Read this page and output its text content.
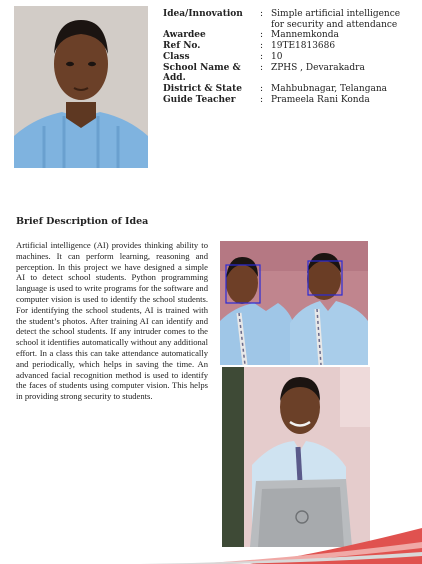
Idea/Innovation	: Simple artificial intelligence for security and attendance
Awardee	: Mannemkonda
Ref No.	: 19TE1813686
Class	: 10
School Name & Add.
: ZPHS , Devarakadra
District & State	: Mahbubnagar, Telangana
Guide Teacher	: Prameela Rani Konda
Brief Description of Idea
Artificial intelligence (AI) provides thinking ability to machines. It can perform learning, reasoning and perception. In this project we have designed a simple AI to detect school students. Python programming language is used to write programs for the software and computer vision is used to identify the school students. For identifying the school students, AI is trained with the student’s photos. After training AI can identify and detect the school students. If any intruder comes to the school it identifies automatically without any additional effort. In a class this can take attendance automatically and periodically, which helps in saving the time. An advanced facial recognition method is used to identify the faces of students using computer vision. This helps in providing strong security to students.
